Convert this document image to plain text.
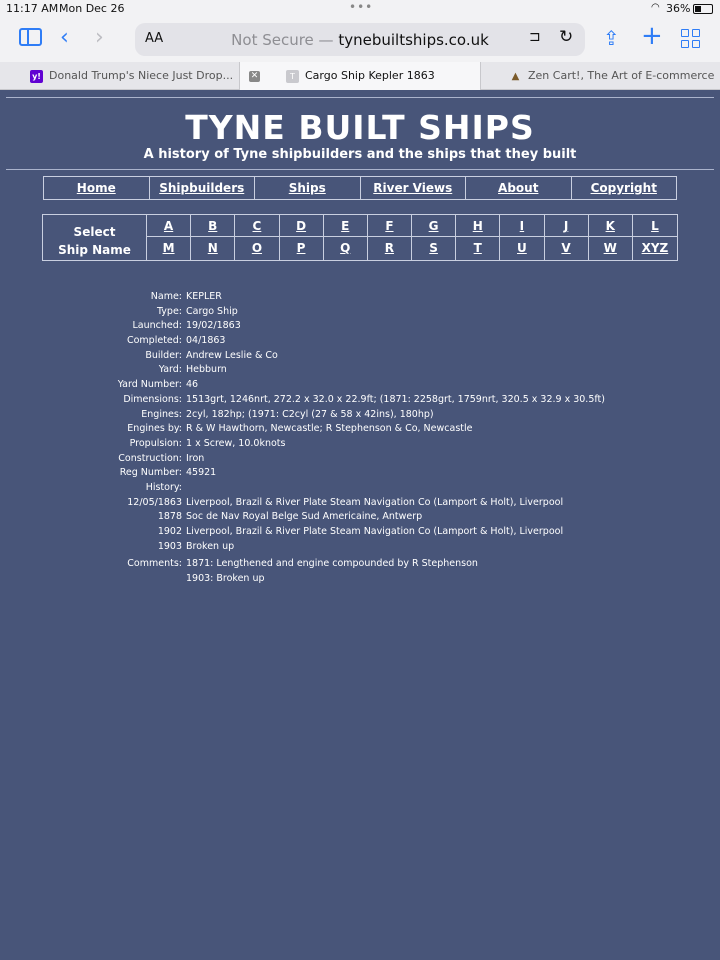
11:17 AM Mon Dec 26	•••	◠ 36%
‹ ›	AA	Not Secure — tynebuiltships.co.uk	⊐ ↻ ⇪ +
y! Donald Trump's Niece Just Drop...	✕	T Cargo Ship Kepler 1863	▲ Zen Cart!, The Art of E-commerce
TYNE BUILT SHIPS
A history of Tyne shipbuilders and the ships that they built
Home	Shipbuilders	Ships	River Views	About	Copyright
Select
Ship Name
A	B	C	D	E	F	G	H	I	J	K	L
M	N	O	P	Q	R	S	T	U	V	W	XYZ
Name: KEPLER
Type: Cargo Ship
Launched: 19/02/1863
Completed: 04/1863
Builder: Andrew Leslie & Co
Yard: Hebburn
Yard Number: 46
Dimensions: 1513grt, 1246nrt, 272.2 x 32.0 x 22.9ft; (1871: 2258grt, 1759nrt, 320.5 x 32.9 x 30.5ft)
Engines: 2cyl, 182hp; (1971: C2cyl (27 & 58 x 42ins), 180hp)
Engines by: R & W Hawthorn, Newcastle; R Stephenson & Co, Newcastle
Propulsion: 1 x Screw, 10.0knots
Construction: Iron
Reg Number: 45921
History:
12/05/1863 Liverpool, Brazil & River Plate Steam Navigation Co (Lamport & Holt), Liverpool
1878 Soc de Nav Royal Belge Sud Americaine, Antwerp
1902 Liverpool, Brazil & River Plate Steam Navigation Co (Lamport & Holt), Liverpool
1903 Broken up
Comments: 1871: Lengthened and engine compounded by R Stephenson
1903: Broken up
